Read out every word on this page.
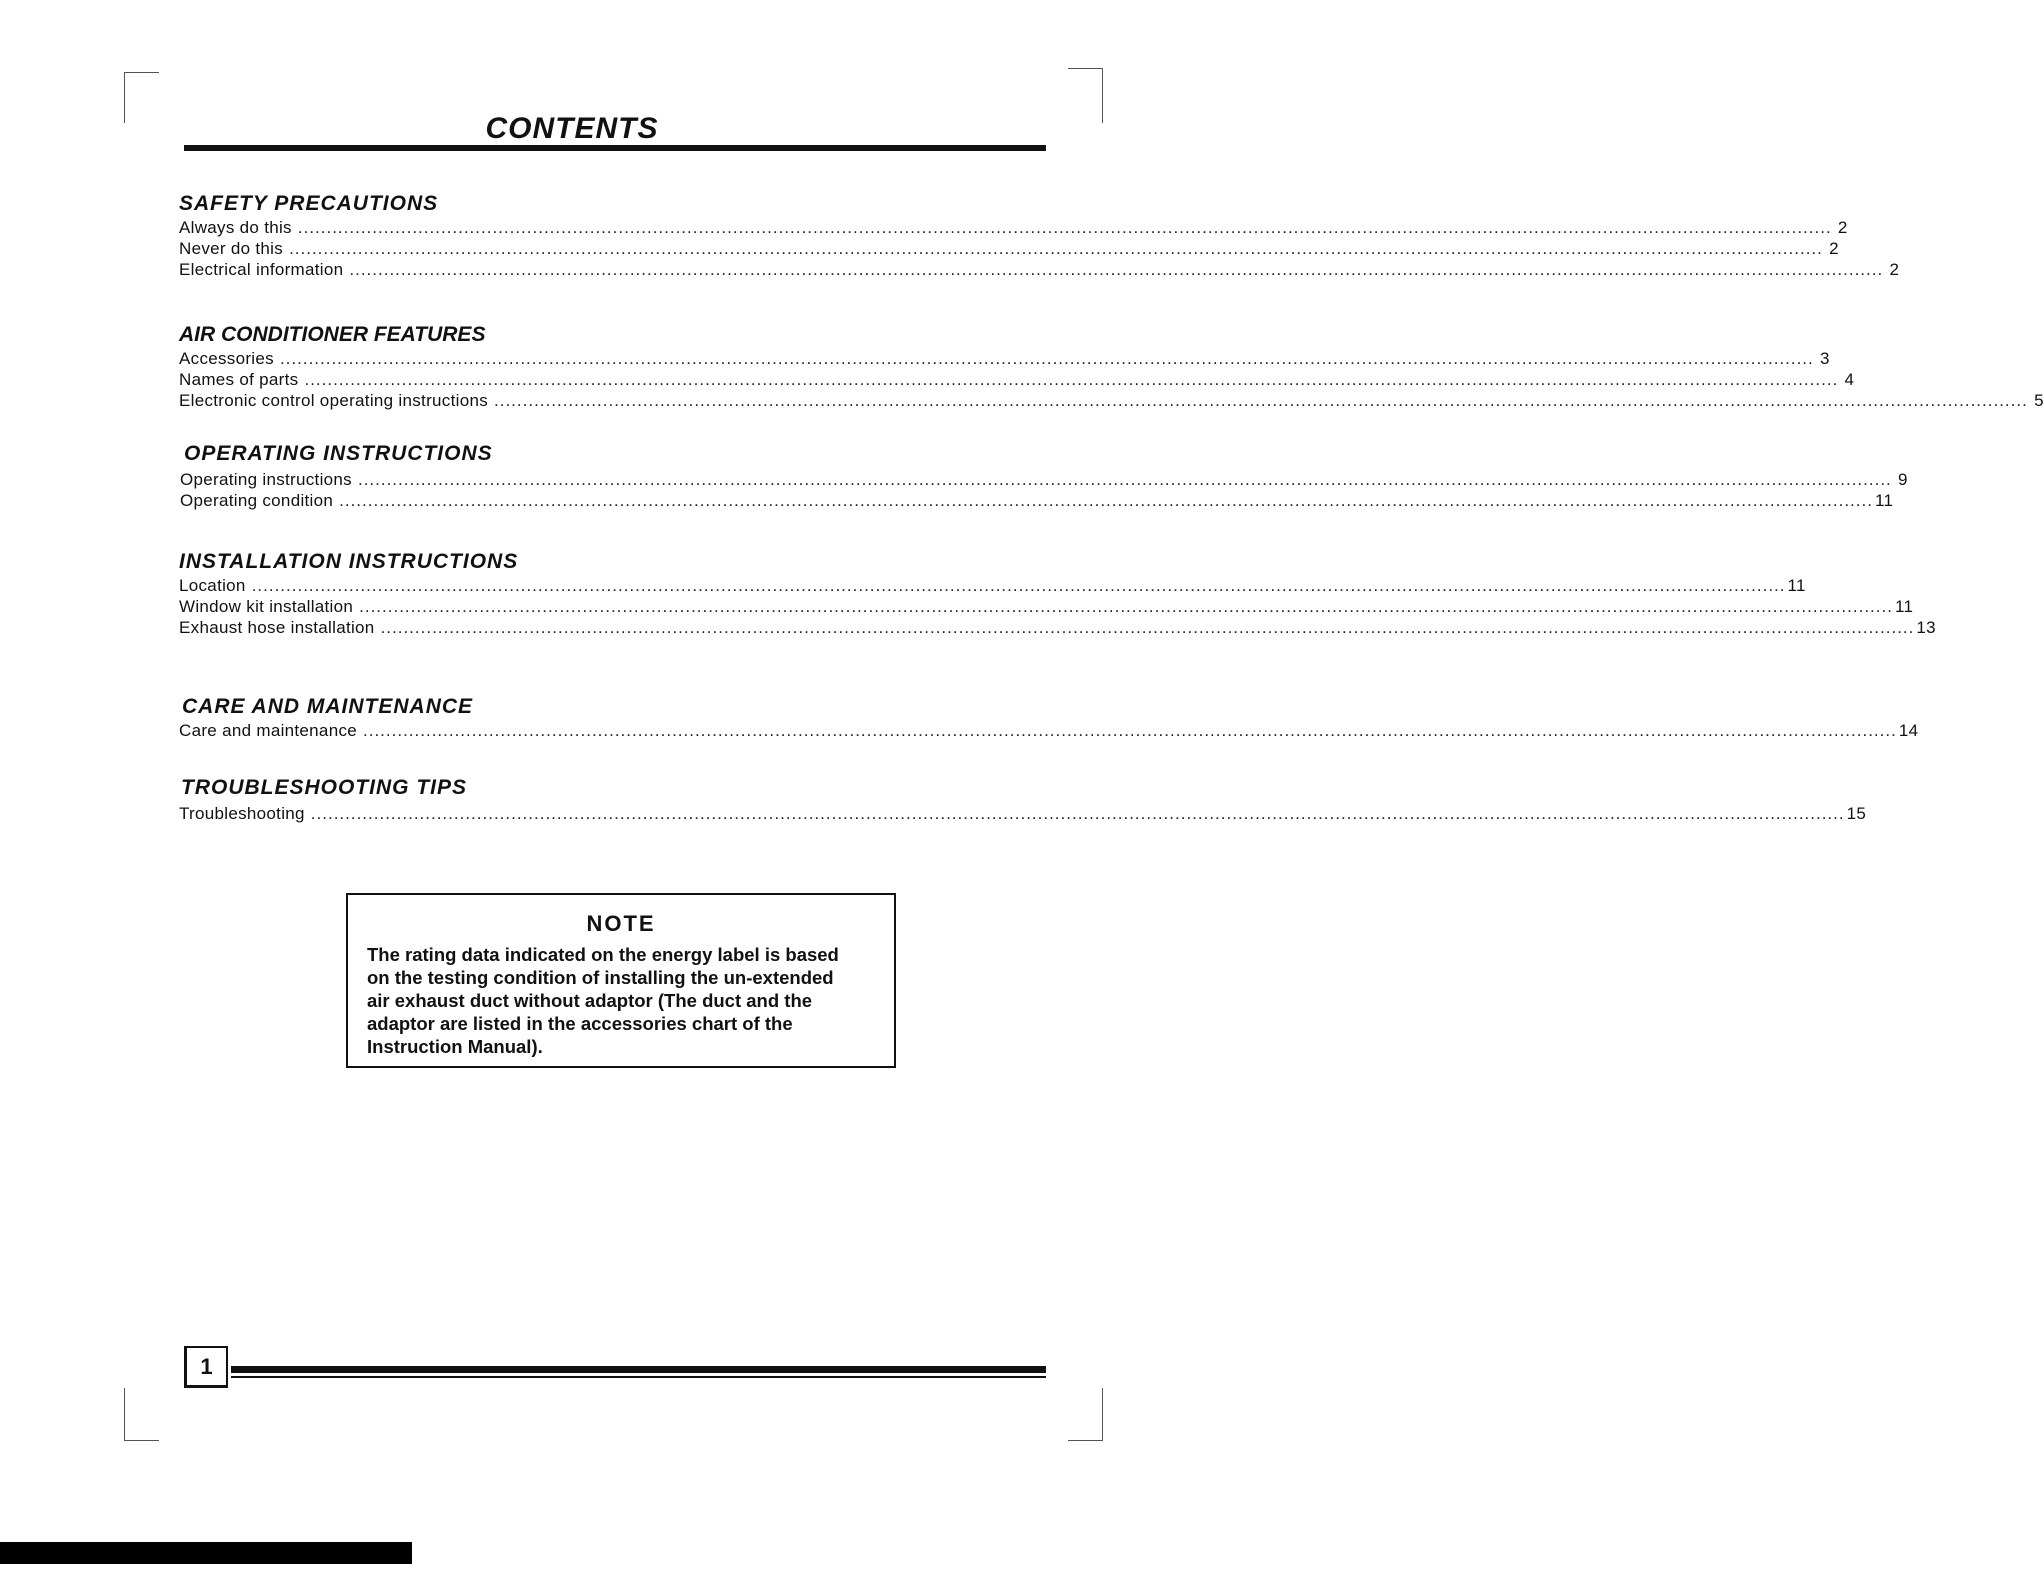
CONTENTS
SAFETY PRECAUTIONS
Always do this ............................................................................................................................................................................................................................................................................ 2
Never do this ............................................................................................................................................................................................................................................................................ 2
Electrical information ............................................................................................................................................................................................................................................................................ 2
AIR CONDITIONER FEATURES
Accessories ............................................................................................................................................................................................................................................................................ 3
Names of parts ............................................................................................................................................................................................................................................................................ 4
Electronic control operating instructions ............................................................................................................................................................................................................................................................................ 5
OPERATING INSTRUCTIONS
Operating instructions ............................................................................................................................................................................................................................................................................ 9
Operating condition ............................................................................................................................................................................................................................................................................ 11
INSTALLATION INSTRUCTIONS
Location ............................................................................................................................................................................................................................................................................ 11
Window kit installation ............................................................................................................................................................................................................................................................................ 11
Exhaust hose installation ............................................................................................................................................................................................................................................................................ 13
CARE AND MAINTENANCE
Care and maintenance ............................................................................................................................................................................................................................................................................ 14
TROUBLESHOOTING TIPS
Troubleshooting ............................................................................................................................................................................................................................................................................ 15
NOTE
The rating data indicated on the energy label is based
on the testing condition of installing the un-extended
air exhaust duct without adaptor (The duct and the
adaptor are listed in the accessories chart of the
Instruction Manual).
1
